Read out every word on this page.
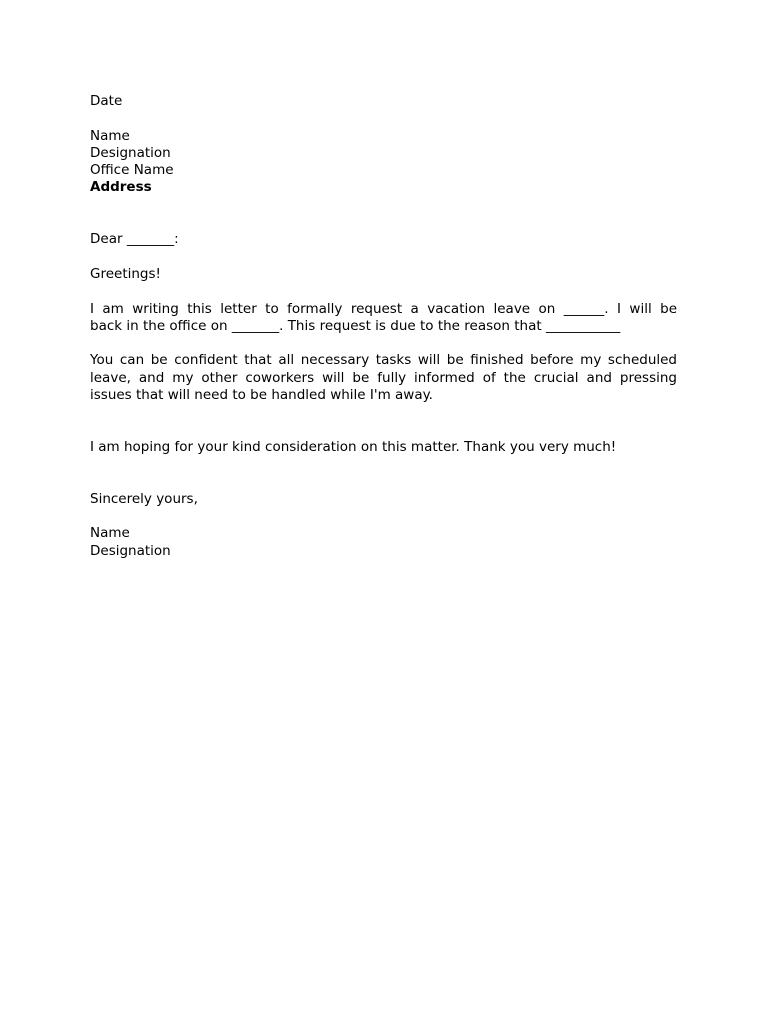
Date
Name
Designation
Office Name
Address
Dear _______:
Greetings!
I am writing this letter to formally request a vacation leave on ______. I will be
back in the office on _______. This request is due to the reason that ___________
You can be confident that all necessary tasks will be finished before my scheduled
leave, and my other coworkers will be fully informed of the crucial and pressing
issues that will need to be handled while I'm away.
I am hoping for your kind consideration on this matter. Thank you very much!
Sincerely yours,
Name
Designation
